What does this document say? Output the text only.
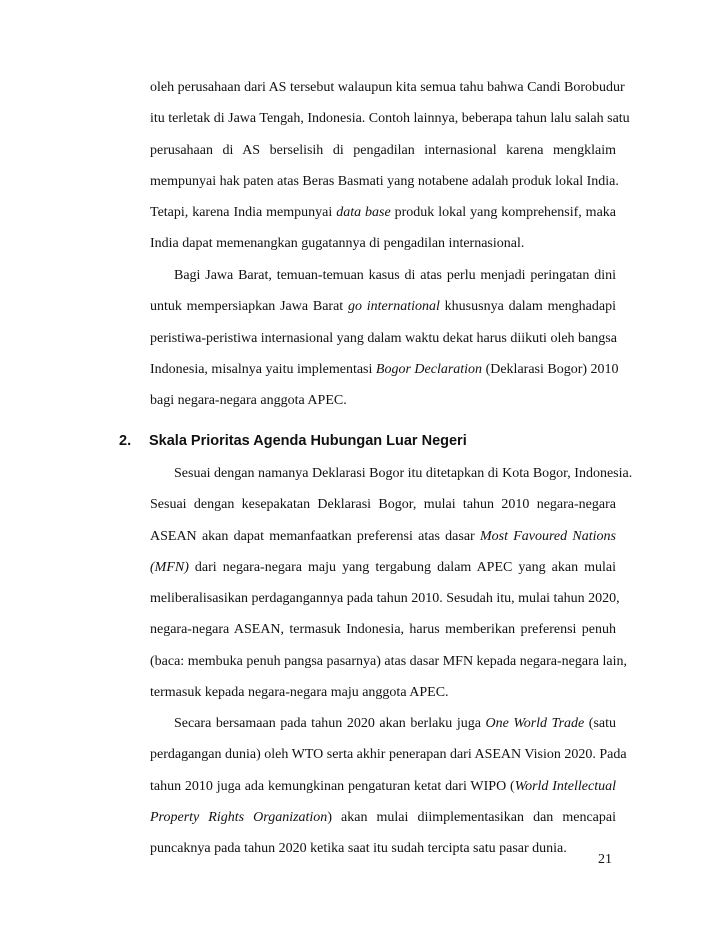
oleh perusahaan dari AS tersebut walaupun kita semua tahu bahwa Candi Borobudur
itu terletak di Jawa Tengah, Indonesia. Contoh lainnya, beberapa tahun lalu salah satu
perusahaan di AS berselisih di pengadilan internasional karena mengklaim
mempunyai hak paten atas Beras Basmati yang notabene adalah produk lokal India.
Tetapi, karena India mempunyai data base produk lokal yang komprehensif, maka
India dapat memenangkan gugatannya di pengadilan internasional.
Bagi Jawa Barat, temuan-temuan kasus di atas perlu menjadi peringatan dini
untuk mempersiapkan Jawa Barat go international khususnya dalam menghadapi
peristiwa-peristiwa internasional yang dalam waktu dekat harus diikuti oleh bangsa
Indonesia, misalnya yaitu implementasi Bogor Declaration (Deklarasi Bogor) 2010
bagi negara-negara anggota APEC.
2. Skala Prioritas Agenda Hubungan Luar Negeri
Sesuai dengan namanya Deklarasi Bogor itu ditetapkan di Kota Bogor, Indonesia.
Sesuai dengan kesepakatan Deklarasi Bogor, mulai tahun 2010 negara-negara
ASEAN akan dapat memanfaatkan preferensi atas dasar Most Favoured Nations
(MFN) dari negara-negara maju yang tergabung dalam APEC yang akan mulai
meliberalisasikan perdagangannya pada tahun 2010. Sesudah itu, mulai tahun 2020,
negara-negara ASEAN, termasuk Indonesia, harus memberikan preferensi penuh
(baca: membuka penuh pangsa pasarnya) atas dasar MFN kepada negara-negara lain,
termasuk kepada negara-negara maju anggota APEC.
Secara bersamaan pada tahun 2020 akan berlaku juga One World Trade (satu
perdagangan dunia) oleh WTO serta akhir penerapan dari ASEAN Vision 2020. Pada
tahun 2010 juga ada kemungkinan pengaturan ketat dari WIPO (World Intellectual
Property Rights Organization) akan mulai diimplementasikan dan mencapai
puncaknya pada tahun 2020 ketika saat itu sudah tercipta satu pasar dunia.
21
